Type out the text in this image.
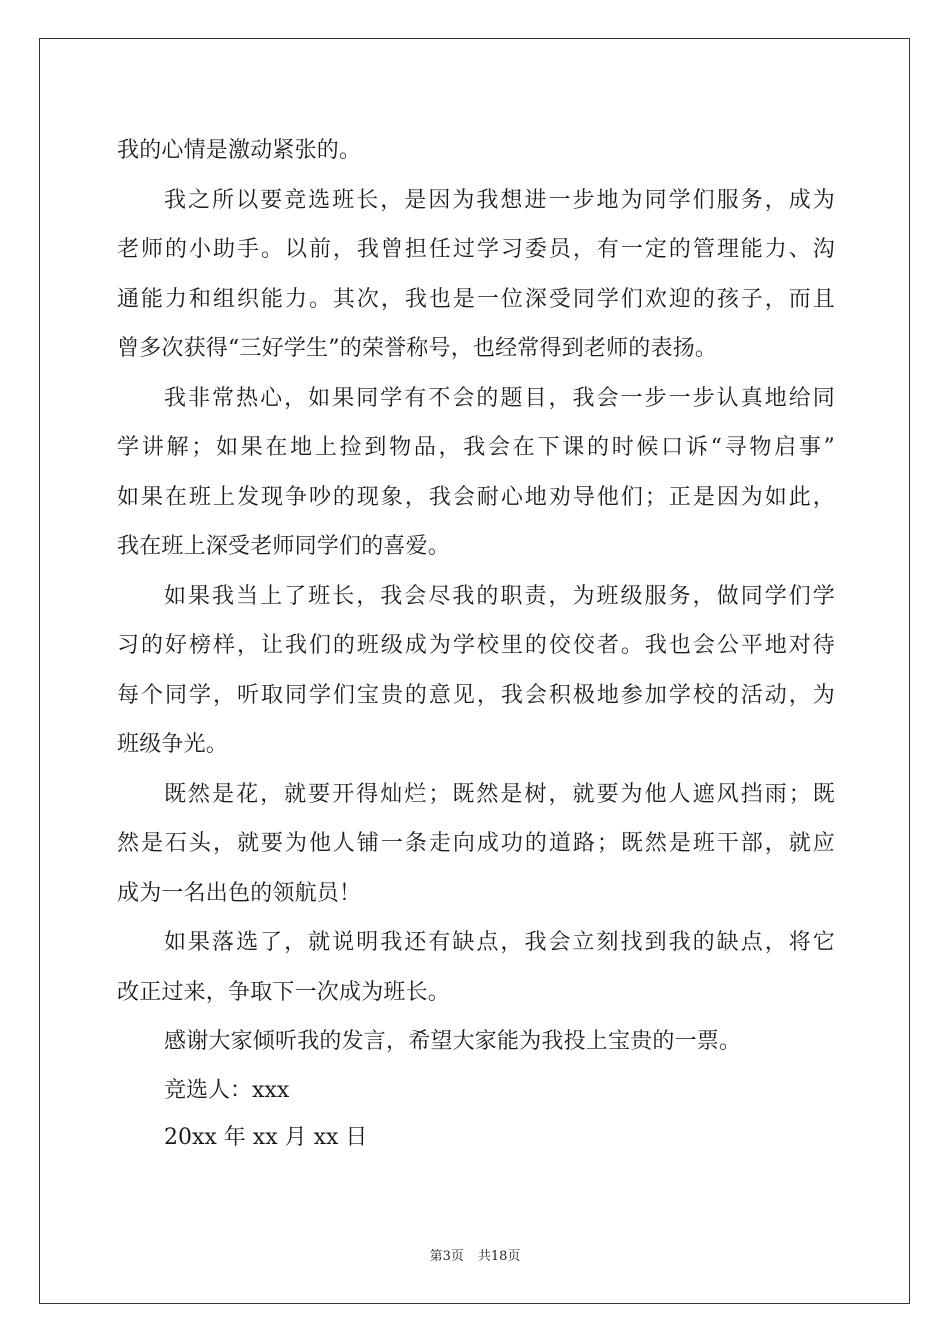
我的心情是激动紧张的。
我之所以要竞选班长，是因为我想进一步地为同学们服务，成为
老师的小助手。以前，我曾担任过学习委员，有一定的管理能力、沟
通能力和组织能力。其次，我也是一位深受同学们欢迎的孩子，而且
曾多次获得“三好学生”的荣誉称号，也经常得到老师的表扬。
我非常热心，如果同学有不会的题目，我会一步一步认真地给同
学讲解；如果在地上捡到物品，我会在下课的时候口诉“寻物启事”
如果在班上发现争吵的现象，我会耐心地劝导他们；正是因为如此，
我在班上深受老师同学们的喜爱。
如果我当上了班长，我会尽我的职责，为班级服务，做同学们学
习的好榜样，让我们的班级成为学校里的佼佼者。我也会公平地对待
每个同学，听取同学们宝贵的意见，我会积极地参加学校的活动，为
班级争光。
既然是花，就要开得灿烂；既然是树，就要为他人遮风挡雨；既
然是石头，就要为他人铺一条走向成功的道路；既然是班干部，就应
成为一名出色的领航员！
如果落选了，就说明我还有缺点，我会立刻找到我的缺点，将它
改正过来，争取下一次成为班长。
感谢大家倾听我的发言，希望大家能为我投上宝贵的一票。
竞选人：xxx
20xx 年 xx 月 xx 日
第3页 共18页
